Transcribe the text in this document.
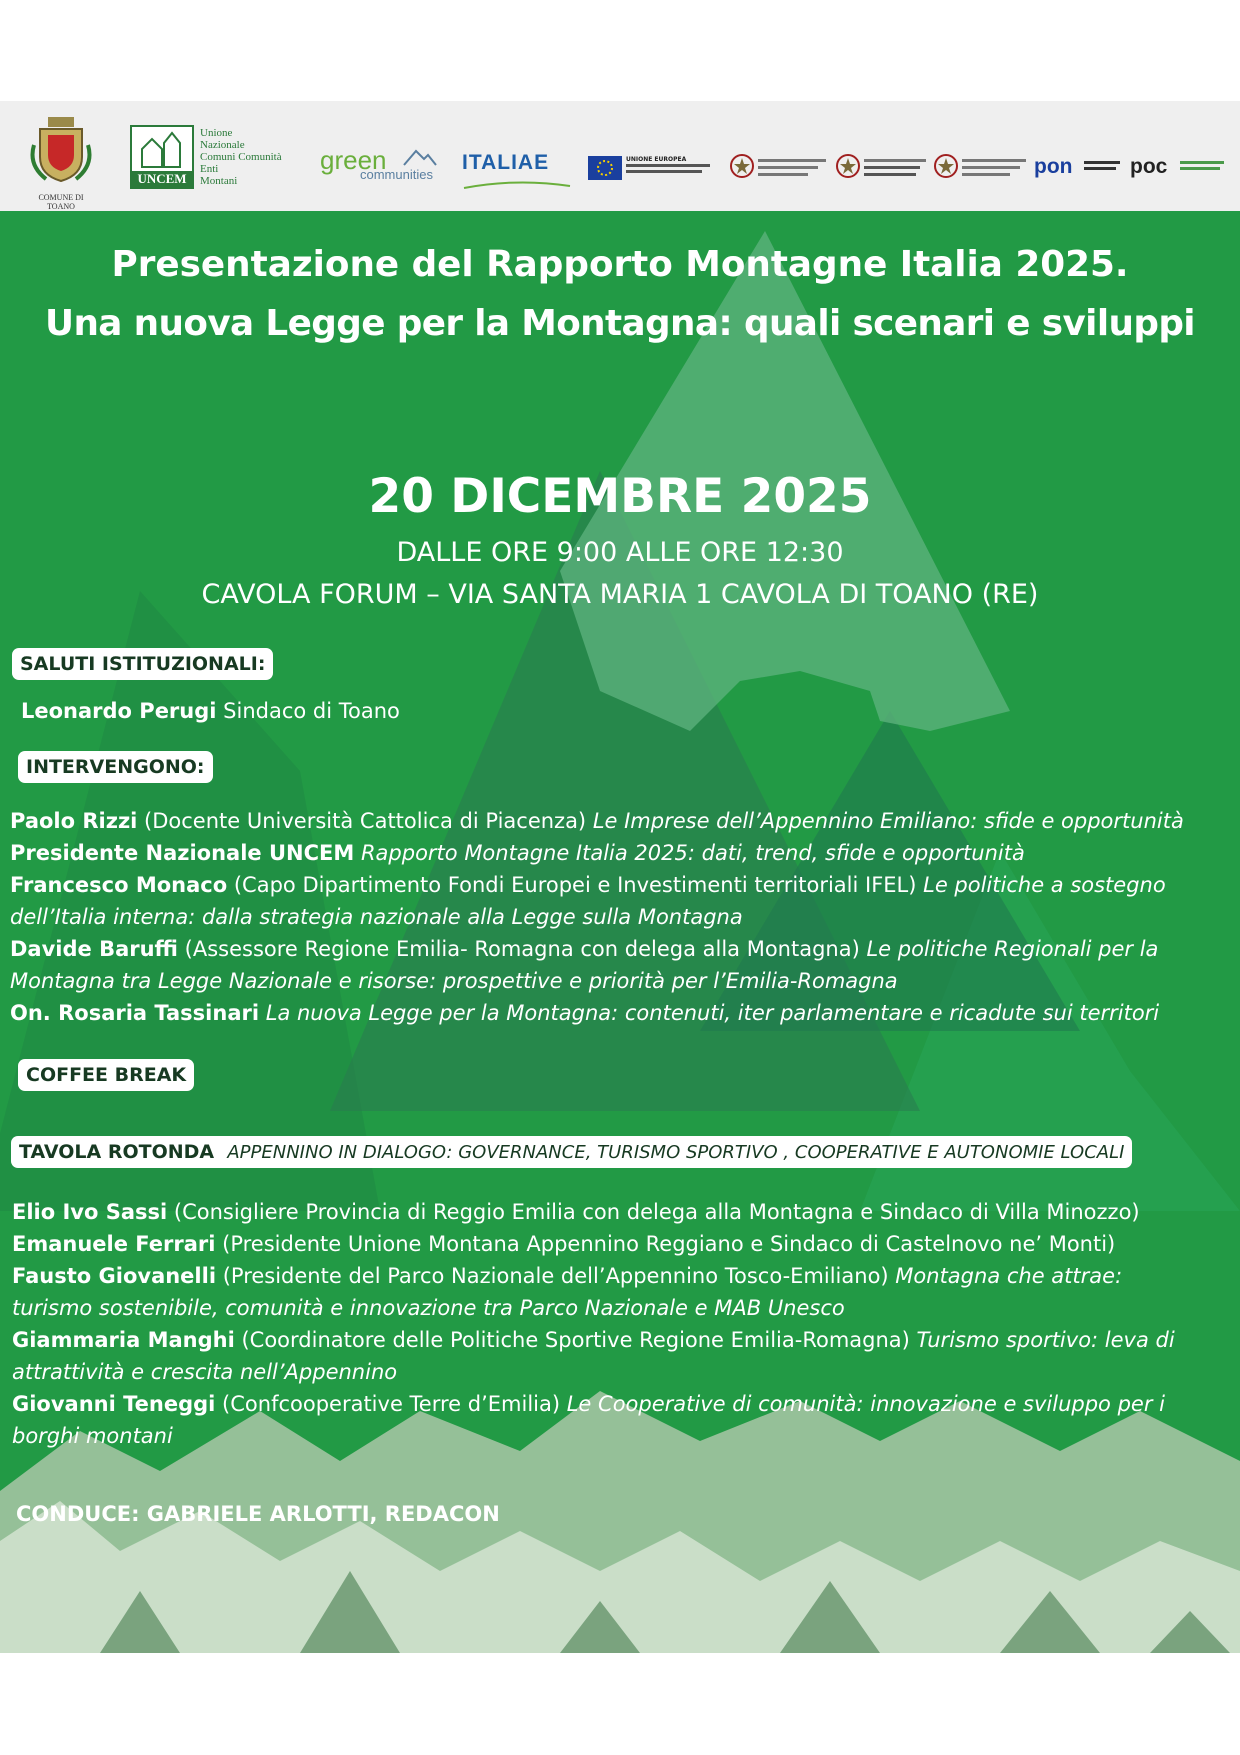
COMUNE DI TOANO
UNCEM
Unione
Nazionale
Comuni Comunità
Enti
Montani
green
communities
ITALIAE	UNIONE EUROPEA	pon	poc
Presentazione del Rapporto Montagne Italia 2025.
Una nuova Legge per la Montagna: quali scenari e sviluppi
20 DICEMBRE 2025
DALLE ORE 9:00 ALLE ORE 12:30
CAVOLA FORUM – VIA SANTA MARIA 1 CAVOLA DI TOANO (RE)
SALUTI ISTITUZIONALI:
Leonardo Perugi Sindaco di Toano
INTERVENGONO:
Paolo Rizzi (Docente Università Cattolica di Piacenza) Le Imprese dell’Appennino Emiliano: sfide e opportunità
Presidente Nazionale UNCEM Rapporto Montagne Italia 2025: dati, trend, sfide e opportunità
Francesco Monaco (Capo Dipartimento Fondi Europei e Investimenti territoriali IFEL) Le politiche a sostegno
dell’Italia interna: dalla strategia nazionale alla Legge sulla Montagna
Davide Baruffi (Assessore Regione Emilia- Romagna con delega alla Montagna) Le politiche Regionali per la
Montagna tra Legge Nazionale e risorse: prospettive e priorità per l’Emilia-Romagna
On. Rosaria Tassinari La nuova Legge per la Montagna: contenuti, iter parlamentare e ricadute sui territori
COFFEE BREAK
TAVOLA ROTONDA APPENNINO IN DIALOGO: GOVERNANCE, TURISMO SPORTIVO , COOPERATIVE E AUTONOMIE LOCALI
Elio Ivo Sassi (Consigliere Provincia di Reggio Emilia con delega alla Montagna e Sindaco di Villa Minozzo)
Emanuele Ferrari (Presidente Unione Montana Appennino Reggiano e Sindaco di Castelnovo ne’ Monti)
Fausto Giovanelli (Presidente del Parco Nazionale dell’Appennino Tosco-Emiliano) Montagna che attrae:
turismo sostenibile, comunità e innovazione tra Parco Nazionale e MAB Unesco
Giammaria Manghi (Coordinatore delle Politiche Sportive Regione Emilia-Romagna) Turismo sportivo: leva di
attrattività e crescita nell’Appennino
Giovanni Teneggi (Confcooperative Terre d’Emilia) Le Cooperative di comunità: innovazione e sviluppo per i
borghi montani
CONDUCE: GABRIELE ARLOTTI, REDACON
